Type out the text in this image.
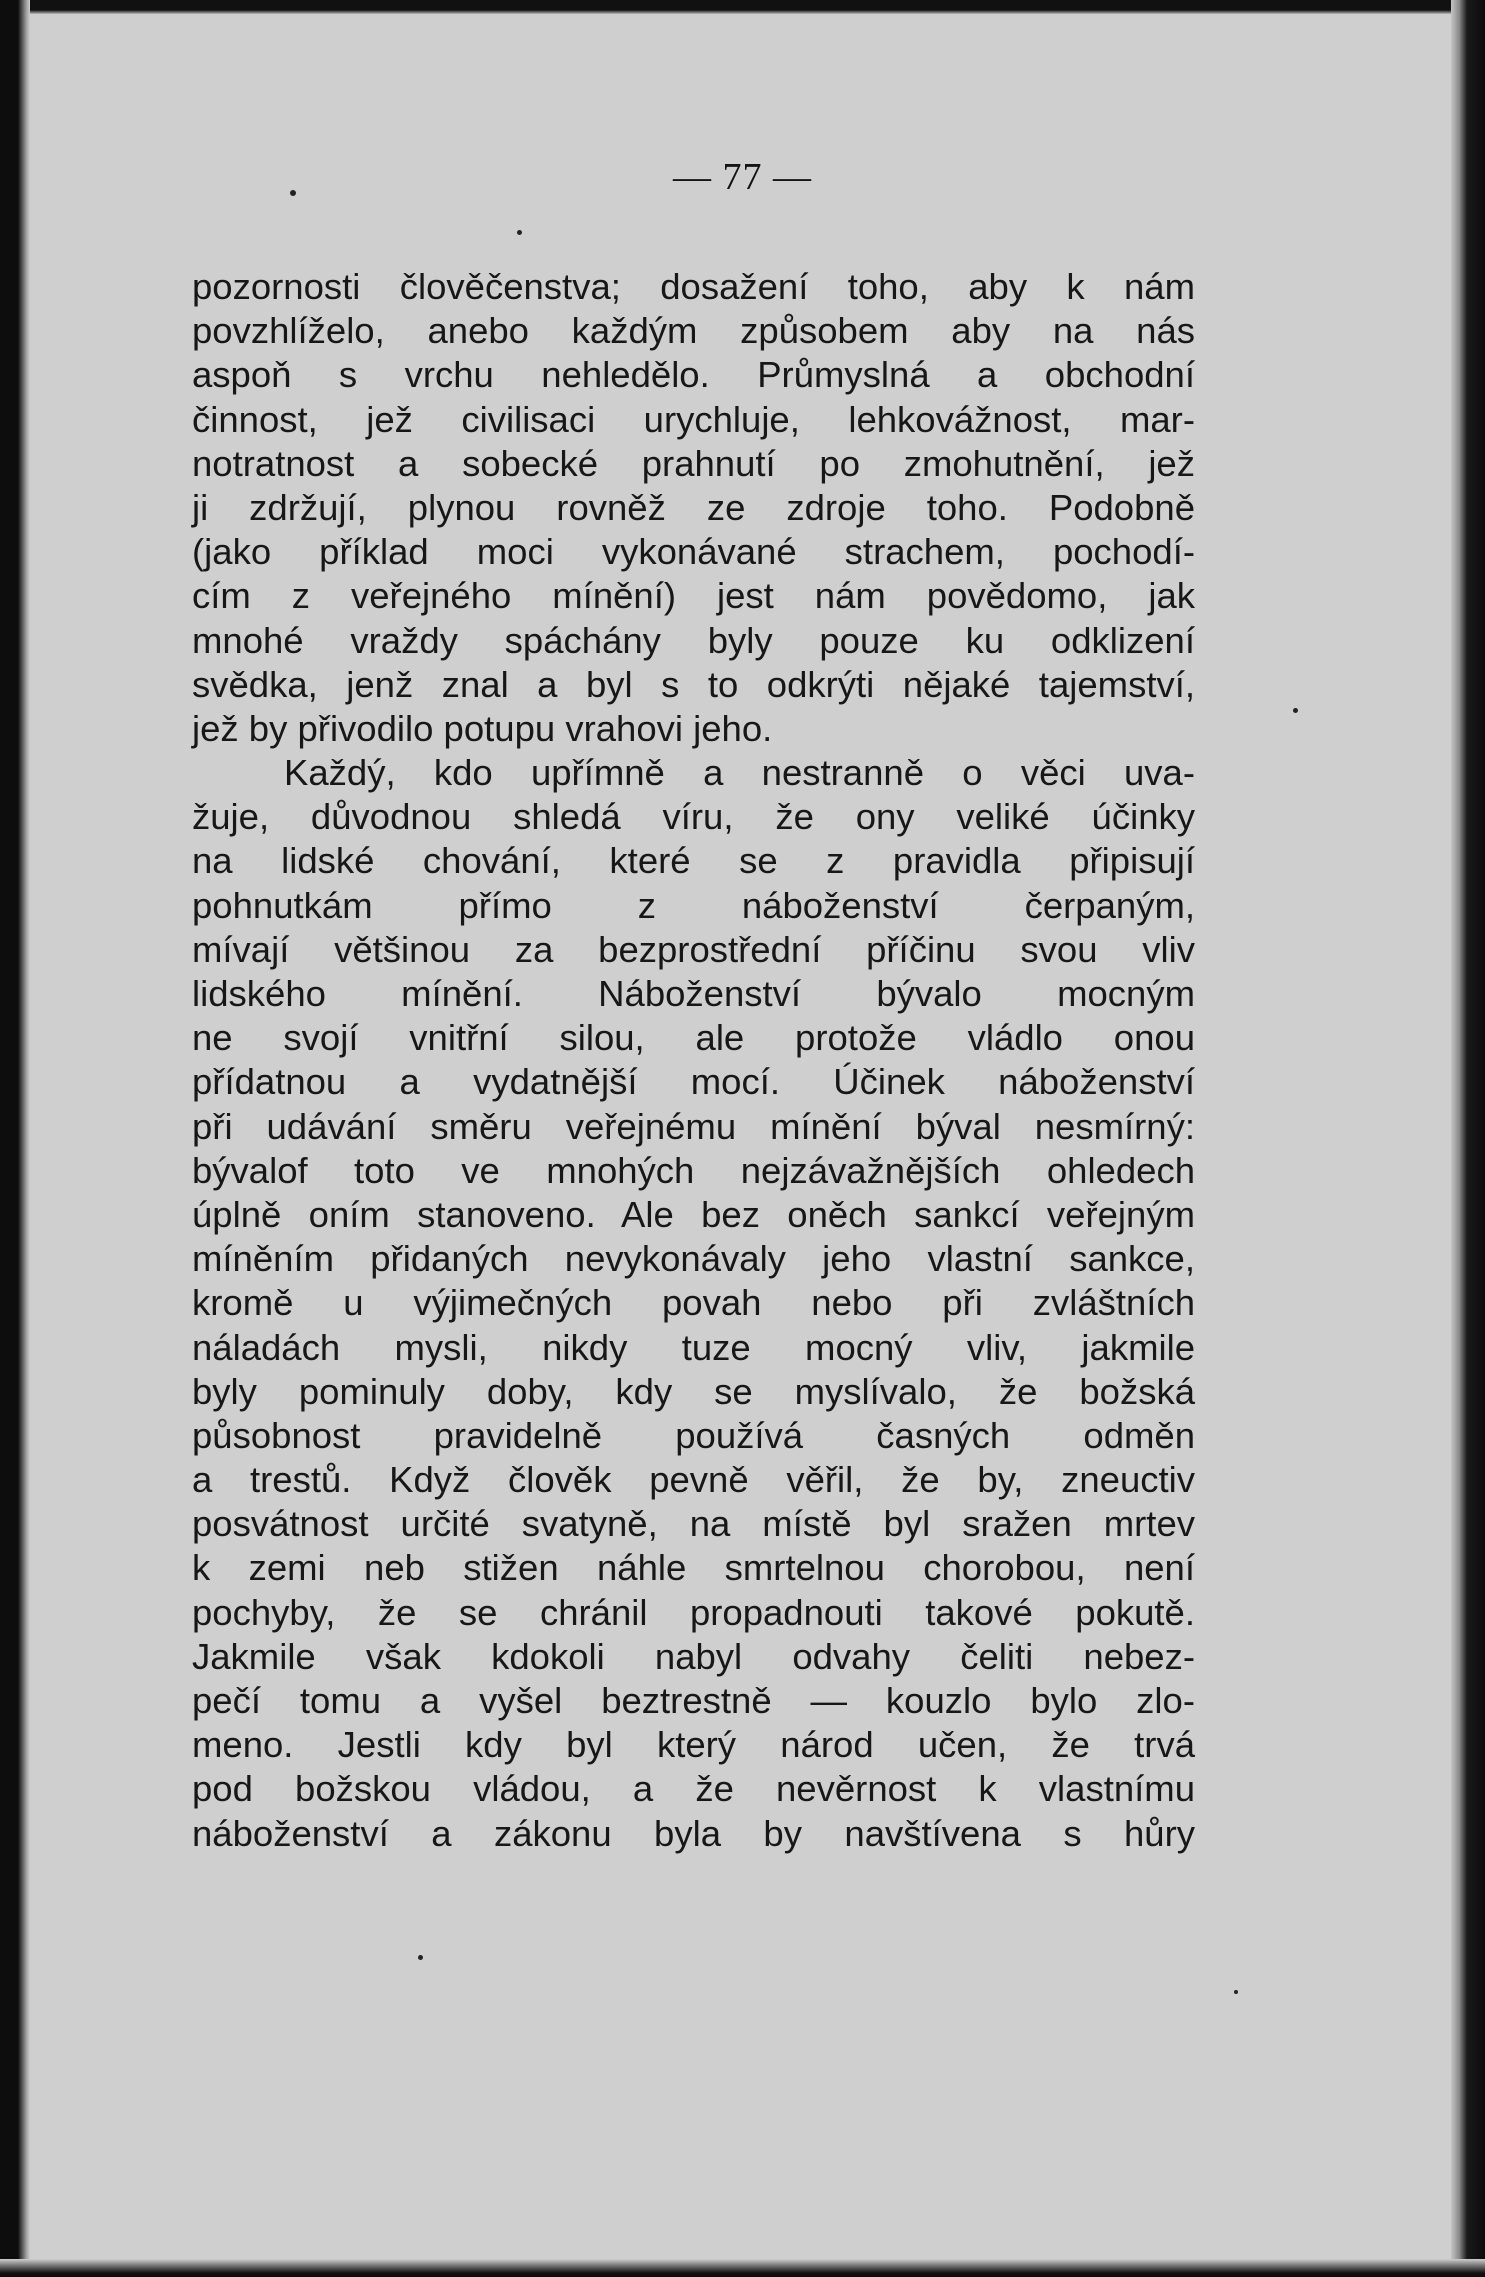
— 77 —
pozornosti člověčenstva; dosažení toho, aby k nám
povzhlíželo, anebo každým způsobem aby na nás
aspoň s vrchu nehledělo. Průmyslná a obchodní
činnost, jež civilisaci urychluje, lehkovážnost, mar-
notratnost a sobecké prahnutí po zmohutnění, jež
ji zdržují, plynou rovněž ze zdroje toho. Podobně
(jako příklad moci vykonávané strachem, pochodí-
cím z veřejného mínění) jest nám povědomo, jak
mnohé vraždy spáchány byly pouze ku odklizení
svědka, jenž znal a byl s to odkrýti nějaké tajemství,
jež by přivodilo potupu vrahovi jeho.
Každý, kdo upřímně a nestranně o věci uva-
žuje, důvodnou shledá víru, že ony veliké účinky
na lidské chování, které se z pravidla připisují
pohnutkám přímo z náboženství čerpaným,
mívají většinou za bezprostřední příčinu svou vliv
lidského mínění. Náboženství bývalo mocným
ne svojí vnitřní silou, ale protože vládlo onou
přídatnou a vydatnější mocí. Účinek náboženství
při udávání směru veřejnému mínění býval nesmírný:
bývalof toto ve mnohých nejzávažnějších ohledech
úplně oním stanoveno. Ale bez oněch sankcí veřejným
míněním přidaných nevykonávaly jeho vlastní sankce,
kromě u výjimečných povah nebo při zvláštních
náladách mysli, nikdy tuze mocný vliv, jakmile
byly pominuly doby, kdy se myslívalo, že božská
působnost pravidelně používá časných odměn
a trestů. Když člověk pevně věřil, že by, zneuctiv
posvátnost určité svatyně, na místě byl sražen mrtev
k zemi neb stižen náhle smrtelnou chorobou, není
pochyby, že se chránil propadnouti takové pokutě.
Jakmile však kdokoli nabyl odvahy čeliti nebez-
pečí tomu a vyšel beztrestně — kouzlo bylo zlo-
meno. Jestli kdy byl který národ učen, že trvá
pod božskou vládou, a že nevěrnost k vlastnímu
náboženství a zákonu byla by navštívena s hůry
